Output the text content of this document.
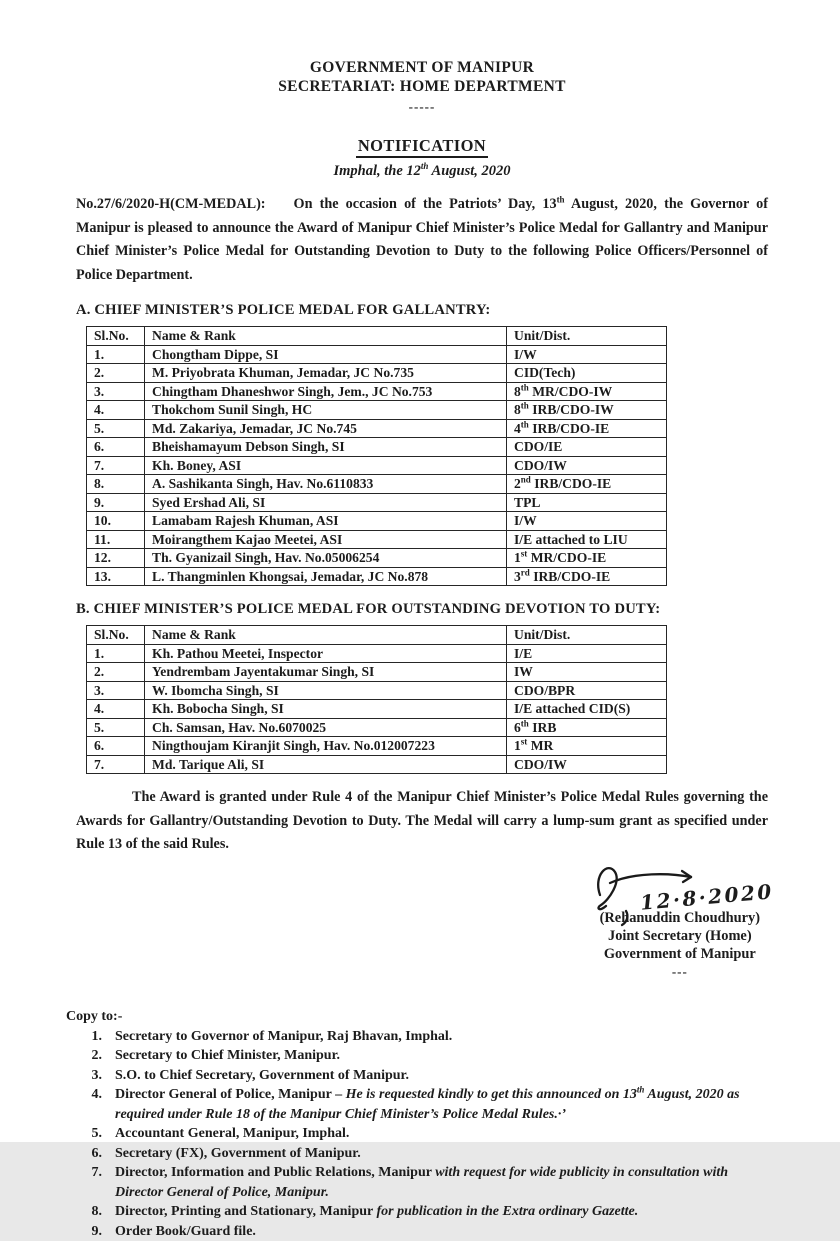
GOVERNMENT OF MANIPUR
SECRETARIAT: HOME DEPARTMENT
-----
NOTIFICATION
Imphal, the 12th August, 2020

No.27/6/2020-H(CM-MEDAL): On the occasion of the Patriots’ Day, 13th August, 2020, the Governor of Manipur is pleased to announce the Award of Manipur Chief Minister’s Police Medal for Gallantry and Manipur Chief Minister’s Police Medal for Outstanding Devotion to Duty to the following Police Officers/Personnel of Police Department.

A. CHIEF MINISTER’S POLICE MEDAL FOR GALLANTRY:
Sl.No.	Name & Rank	Unit/Dist.
1.	Chongtham Dippe, SI	I/W
2.	M. Priyobrata Khuman, Jemadar, JC No.735	CID(Tech)
3.	Chingtham Dhaneshwor Singh, Jem., JC No.753	8th MR/CDO-IW
4.	Thokchom Sunil Singh, HC	8th IRB/CDO-IW
5.	Md. Zakariya, Jemadar, JC No.745	4th IRB/CDO-IE
6.	Bheishamayum Debson Singh, SI	CDO/IE
7.	Kh. Boney, ASI	CDO/IW
8.	A. Sashikanta Singh, Hav. No.6110833	2nd IRB/CDO-IE
9.	Syed Ershad Ali, SI	TPL
10.	Lamabam Rajesh Khuman, ASI	I/W
11.	Moirangthem Kajao Meetei, ASI	I/E attached to LIU
12.	Th. Gyanizail Singh, Hav. No.05006254	1st MR/CDO-IE
13.	L. Thangminlen Khongsai, Jemadar, JC No.878	3rd IRB/CDO-IE
B. CHIEF MINISTER’S POLICE MEDAL FOR OUTSTANDING DEVOTION TO DUTY:
Sl.No.	Name & Rank	Unit/Dist.
1.	Kh. Pathou Meetei, Inspector	I/E
2.	Yendrembam Jayentakumar Singh, SI	IW
3.	W. Ibomcha Singh, SI	CDO/BPR
4.	Kh. Bobocha Singh, SI	I/E attached CID(S)
5.	Ch. Samsan, Hav. No.6070025	6th IRB
6.	Ningthoujam Kiranjit Singh, Hav. No.012007223	1st MR
7.	Md. Tarique Ali, SI	CDO/IW

The Award is granted under Rule 4 of the Manipur Chief Minister’s Police Medal Rules governing the Awards for Gallantry/Outstanding Devotion to Duty. The Medal will carry a lump-sum grant as specified under Rule 13 of the said Rules.

12·8·2020
(Rehanuddin Choudhury)
Joint Secretary (Home)
Government of Manipur
---
Copy to:-
1. Secretary to Governor of Manipur, Raj Bhavan, Imphal.
2. Secretary to Chief Minister, Manipur.
3. S.O. to Chief Secretary, Government of Manipur.
4. Director General of Police, Manipur – He is requested kindly to get this announced on 13th August, 2020 as required under Rule 18 of the Manipur Chief Minister’s Police Medal Rules.·’
5. Accountant General, Manipur, Imphal.
6. Secretary (FX), Government of Manipur.
7. Director, Information and Public Relations, Manipur with request for wide publicity in consultation with Director General of Police, Manipur.
8. Director, Printing and Stationary, Manipur for publication in the Extra ordinary Gazette.
9. Order Book/Guard file.
